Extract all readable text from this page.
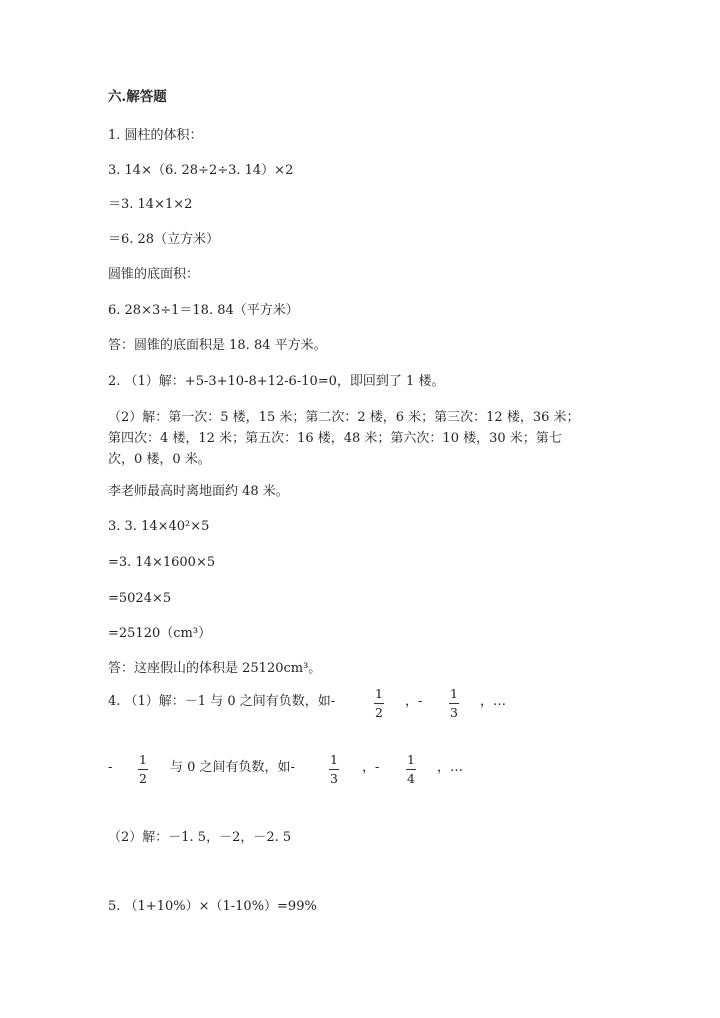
六.解答题
1. 圆柱的体积：
3. 14×（6. 28÷2÷3. 14）×2
＝3. 14×1×2
＝6. 28（立方米）
圆锥的底面积：
6. 28×3÷1＝18. 84（平方米）
答：圆锥的底面积是 18. 84 平方米。
2. （1）解：+5-3+10-8+12-6-10=0，即回到了 1 楼。
（2）解：第一次：5 楼，15 米；第二次：2 楼，6 米；第三次：12 楼，36 米；
第四次：4 楼，12 米；第五次：16 楼，48 米；第六次：10 楼，30 米；第七
次，0 楼，0 米。
李老师最高时离地面约 48 米。
3. 3. 14×40²×5
=3. 14×1600×5
=5024×5
=25120（cm³）
答：这座假山的体积是 25120cm³。
4. （1）解：－1 与 0 之间有负数，如-
1
2
，-
1
3
，…
-
1
2
与 0 之间有负数，如-
1
3
，-
1
4
，…
（2）解：－1. 5，－2，－2. 5
5. （1+10%）×（1-10%）=99%
